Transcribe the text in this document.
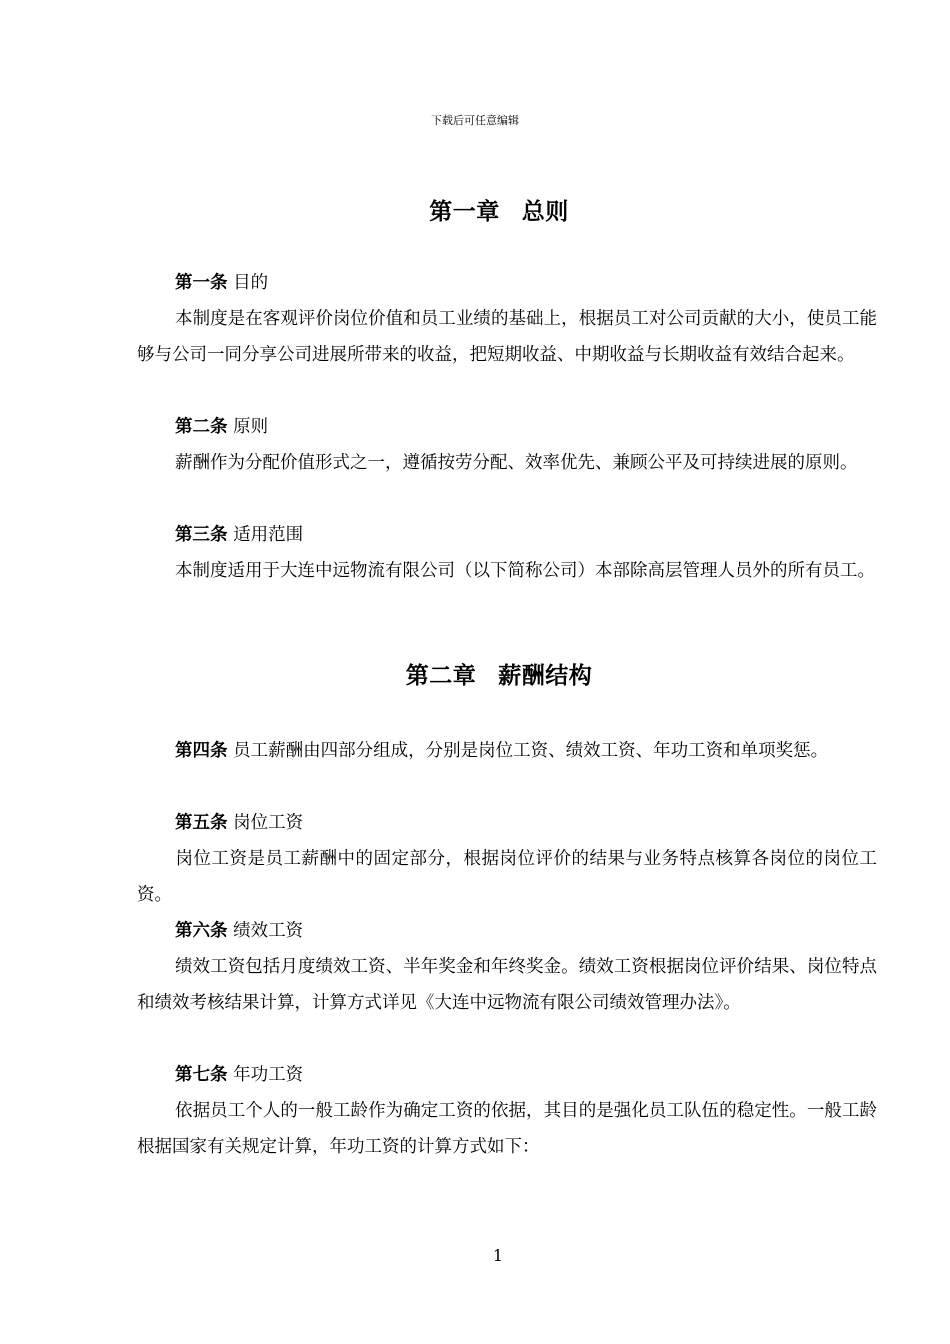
下载后可任意编辑
第一章 总则
第一条 目的
本制度是在客观评价岗位价值和员工业绩的基础上，根据员工对公司贡献的大小，使员工能够与公司一同分享公司进展所带来的收益，把短期收益、中期收益与长期收益有效结合起来。
第二条 原则
薪酬作为分配价值形式之一，遵循按劳分配、效率优先、兼顾公平及可持续进展的原则。
第三条 适用范围
本制度适用于大连中远物流有限公司（以下简称公司）本部除高层管理人员外的所有员工。
第二章 薪酬结构
第四条 员工薪酬由四部分组成，分别是岗位工资、绩效工资、年功工资和单项奖惩。
第五条 岗位工资
岗位工资是员工薪酬中的固定部分，根据岗位评价的结果与业务特点核算各岗位的岗位工资。
第六条 绩效工资
绩效工资包括月度绩效工资、半年奖金和年终奖金。绩效工资根据岗位评价结果、岗位特点和绩效考核结果计算，计算方式详见《大连中远物流有限公司绩效管理办法》。
第七条 年功工资
依据员工个人的一般工龄作为确定工资的依据，其目的是强化员工队伍的稳定性。一般工龄根据国家有关规定计算，年功工资的计算方式如下：
1
